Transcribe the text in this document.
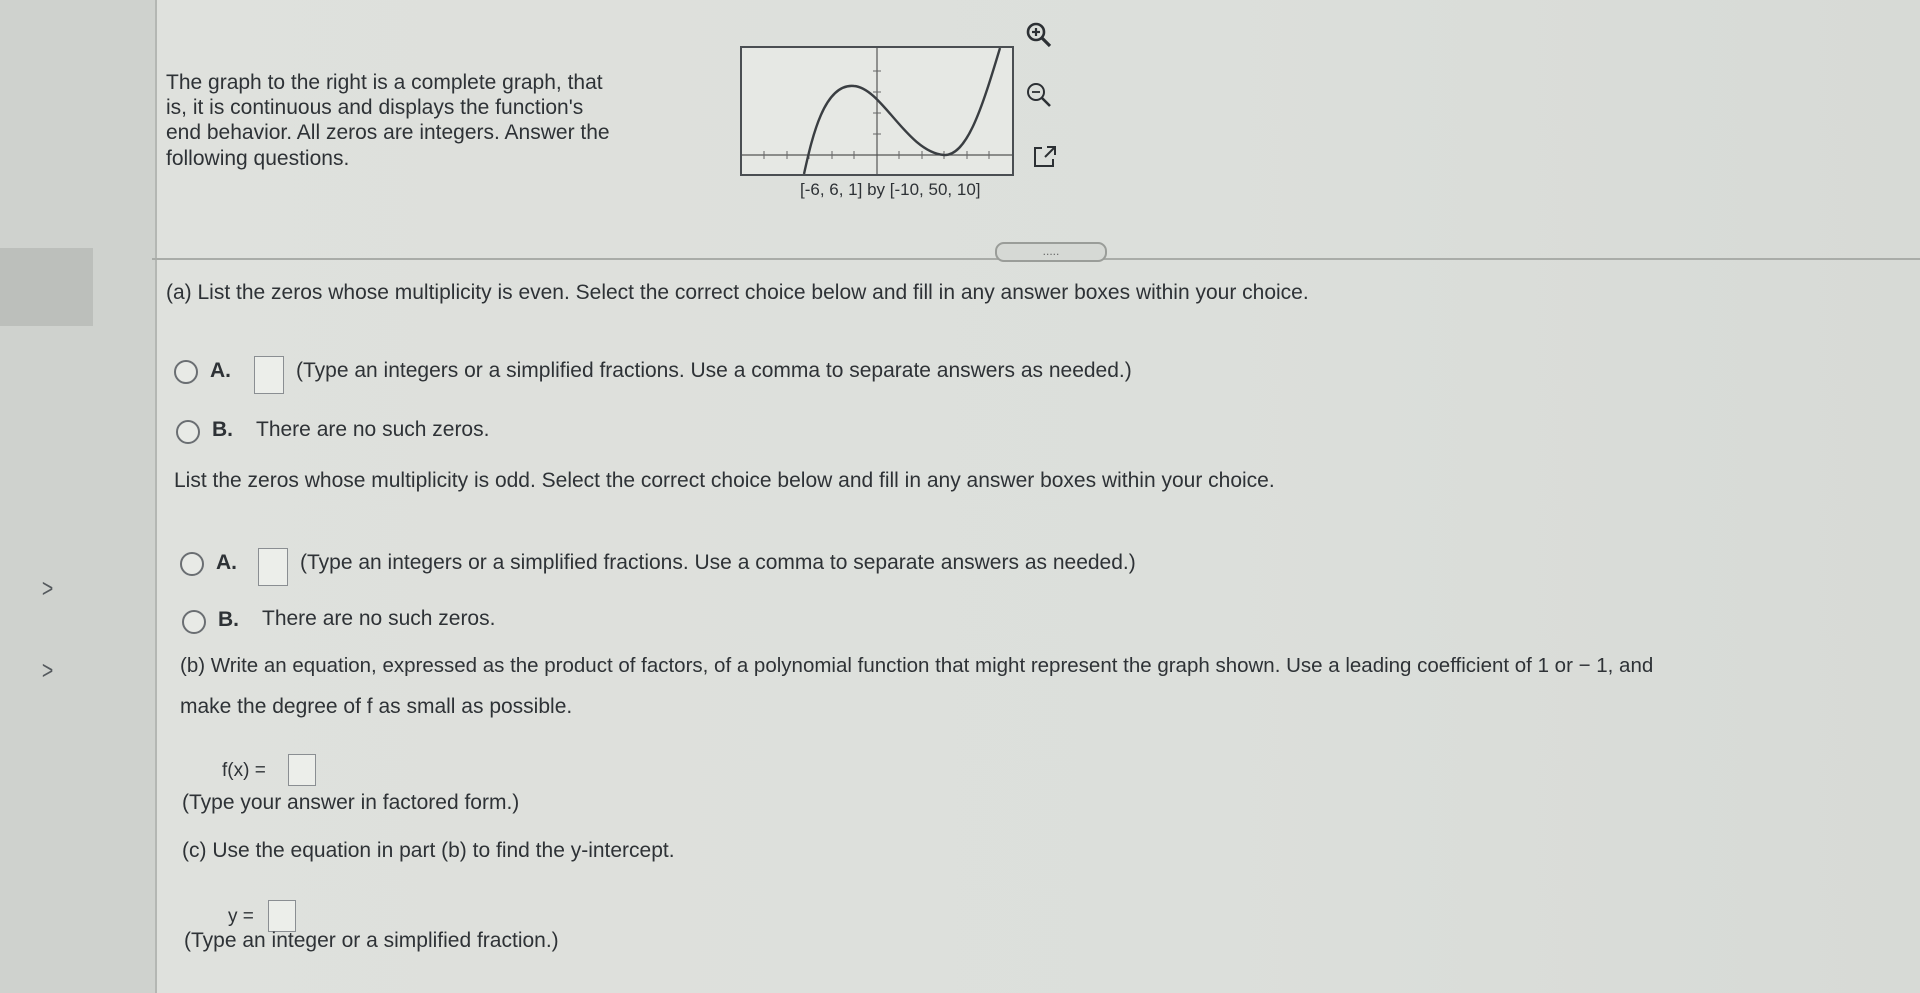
>
>
The graph to the right is a complete graph, that
is, it is continuous and displays the function's
end behavior. All zeros are integers. Answer the
following questions.
[-6, 6, 1] by [-10, 50, 10]
.....
(a) List the zeros whose multiplicity is even. Select the correct choice below and fill in any answer boxes within your choice.
A.	(Type an integers or a simplified fractions. Use a comma to separate answers as needed.)
B. There are no such zeros.
List the zeros whose multiplicity is odd. Select the correct choice below and fill in any answer boxes within your choice.
A.	(Type an integers or a simplified fractions. Use a comma to separate answers as needed.)
B. There are no such zeros.
(b) Write an equation, expressed as the product of factors, of a polynomial function that might represent the graph shown. Use a leading coefficient of 1 or − 1, and
make the degree of f as small as possible.
f(x) =
(Type your answer in factored form.)
(c) Use the equation in part (b) to find the y-intercept.
y =
(Type an integer or a simplified fraction.)
